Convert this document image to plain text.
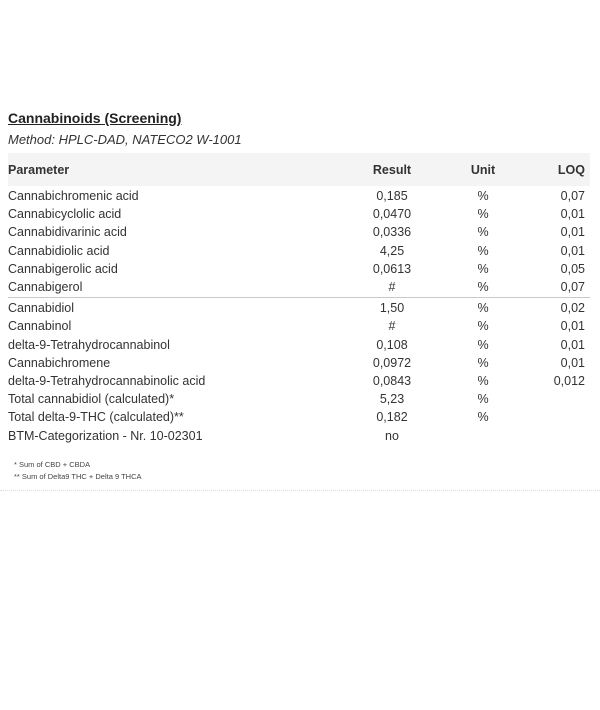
Cannabinoids (Screening)
Method: HPLC-DAD, NATECO2 W-1001
Parameter	Result	Unit	LOQ
Cannabichromenic acid	0,185	%	0,07
Cannabicyclolic acid	0,0470	%	0,01
Cannabidivarinic acid	0,0336	%	0,01
Cannabidiolic acid	4,25	%	0,01
Cannabigerolic acid	0,0613	%	0,05
Cannabigerol	#	%	0,07
Cannabidiol	1,50	%	0,02
Cannabinol	#	%	0,01
delta-9-Tetrahydrocannabinol	0,108	%	0,01
Cannabichromene	0,0972	%	0,01
delta-9-Tetrahydrocannabinolic acid	0,0843	%	0,012
Total cannabidiol (calculated)*	5,23	%
Total delta-9-THC (calculated)**	0,182	%
BTM-Categorization - Nr. 10-02301	no
* Sum of CBD + CBDA
** Sum of Delta9 THC + Delta 9 THCA
